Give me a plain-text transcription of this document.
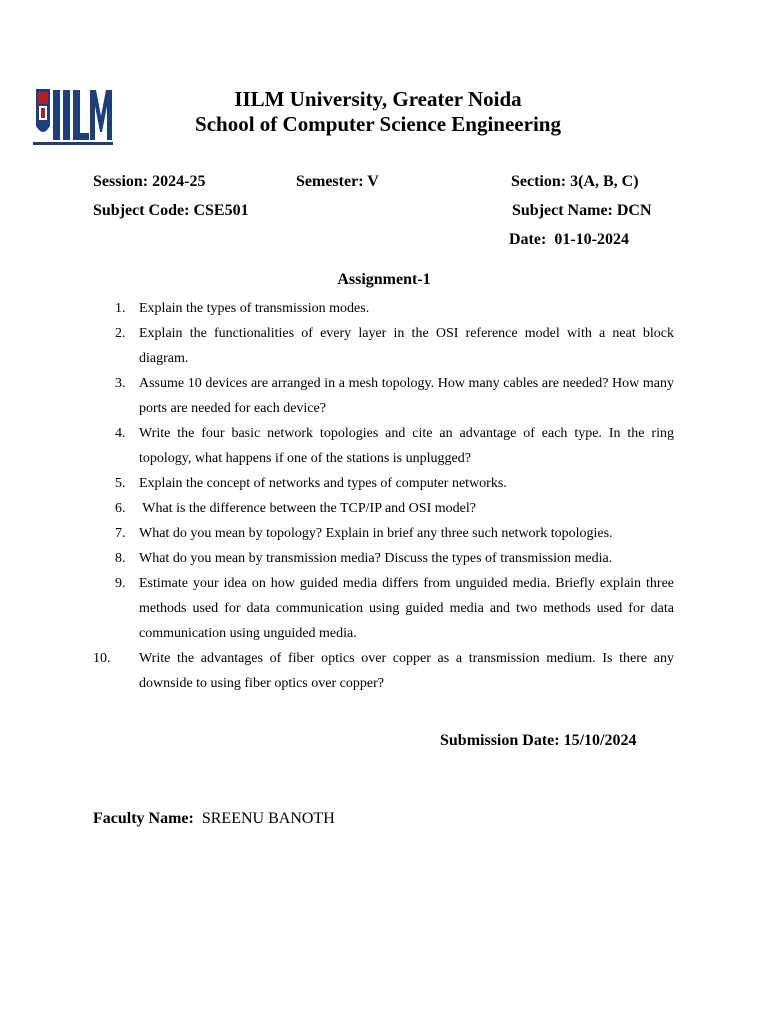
IILM University, Greater Noida
School of Computer Science Engineering
Session: 2024-25	Semester: V	Section: 3(A, B, C)
Subject Code: CSE501	Subject Name: DCN
Date: 01-10-2024
Assignment-1
1. Explain the types of transmission modes.
2. Explain the functionalities of every layer in the OSI reference model with a neat block diagram.
3. Assume 10 devices are arranged in a mesh topology. How many cables are needed? How many ports are needed for each device?
4. Write the four basic network topologies and cite an advantage of each type. In the ring topology, what happens if one of the stations is unplugged?
5. Explain the concept of networks and types of computer networks.
6. What is the difference between the TCP/IP and OSI model?
7. What do you mean by topology? Explain in brief any three such network topologies.
8. What do you mean by transmission media? Discuss the types of transmission media.
9. Estimate your idea on how guided media differs from unguided media. Briefly explain three methods used for data communication using guided media and two methods used for data communication using unguided media.
10. Write the advantages of fiber optics over copper as a transmission medium. Is there any downside to using fiber optics over copper?
Submission Date: 15/10/2024
Faculty Name: SREENU BANOTH
